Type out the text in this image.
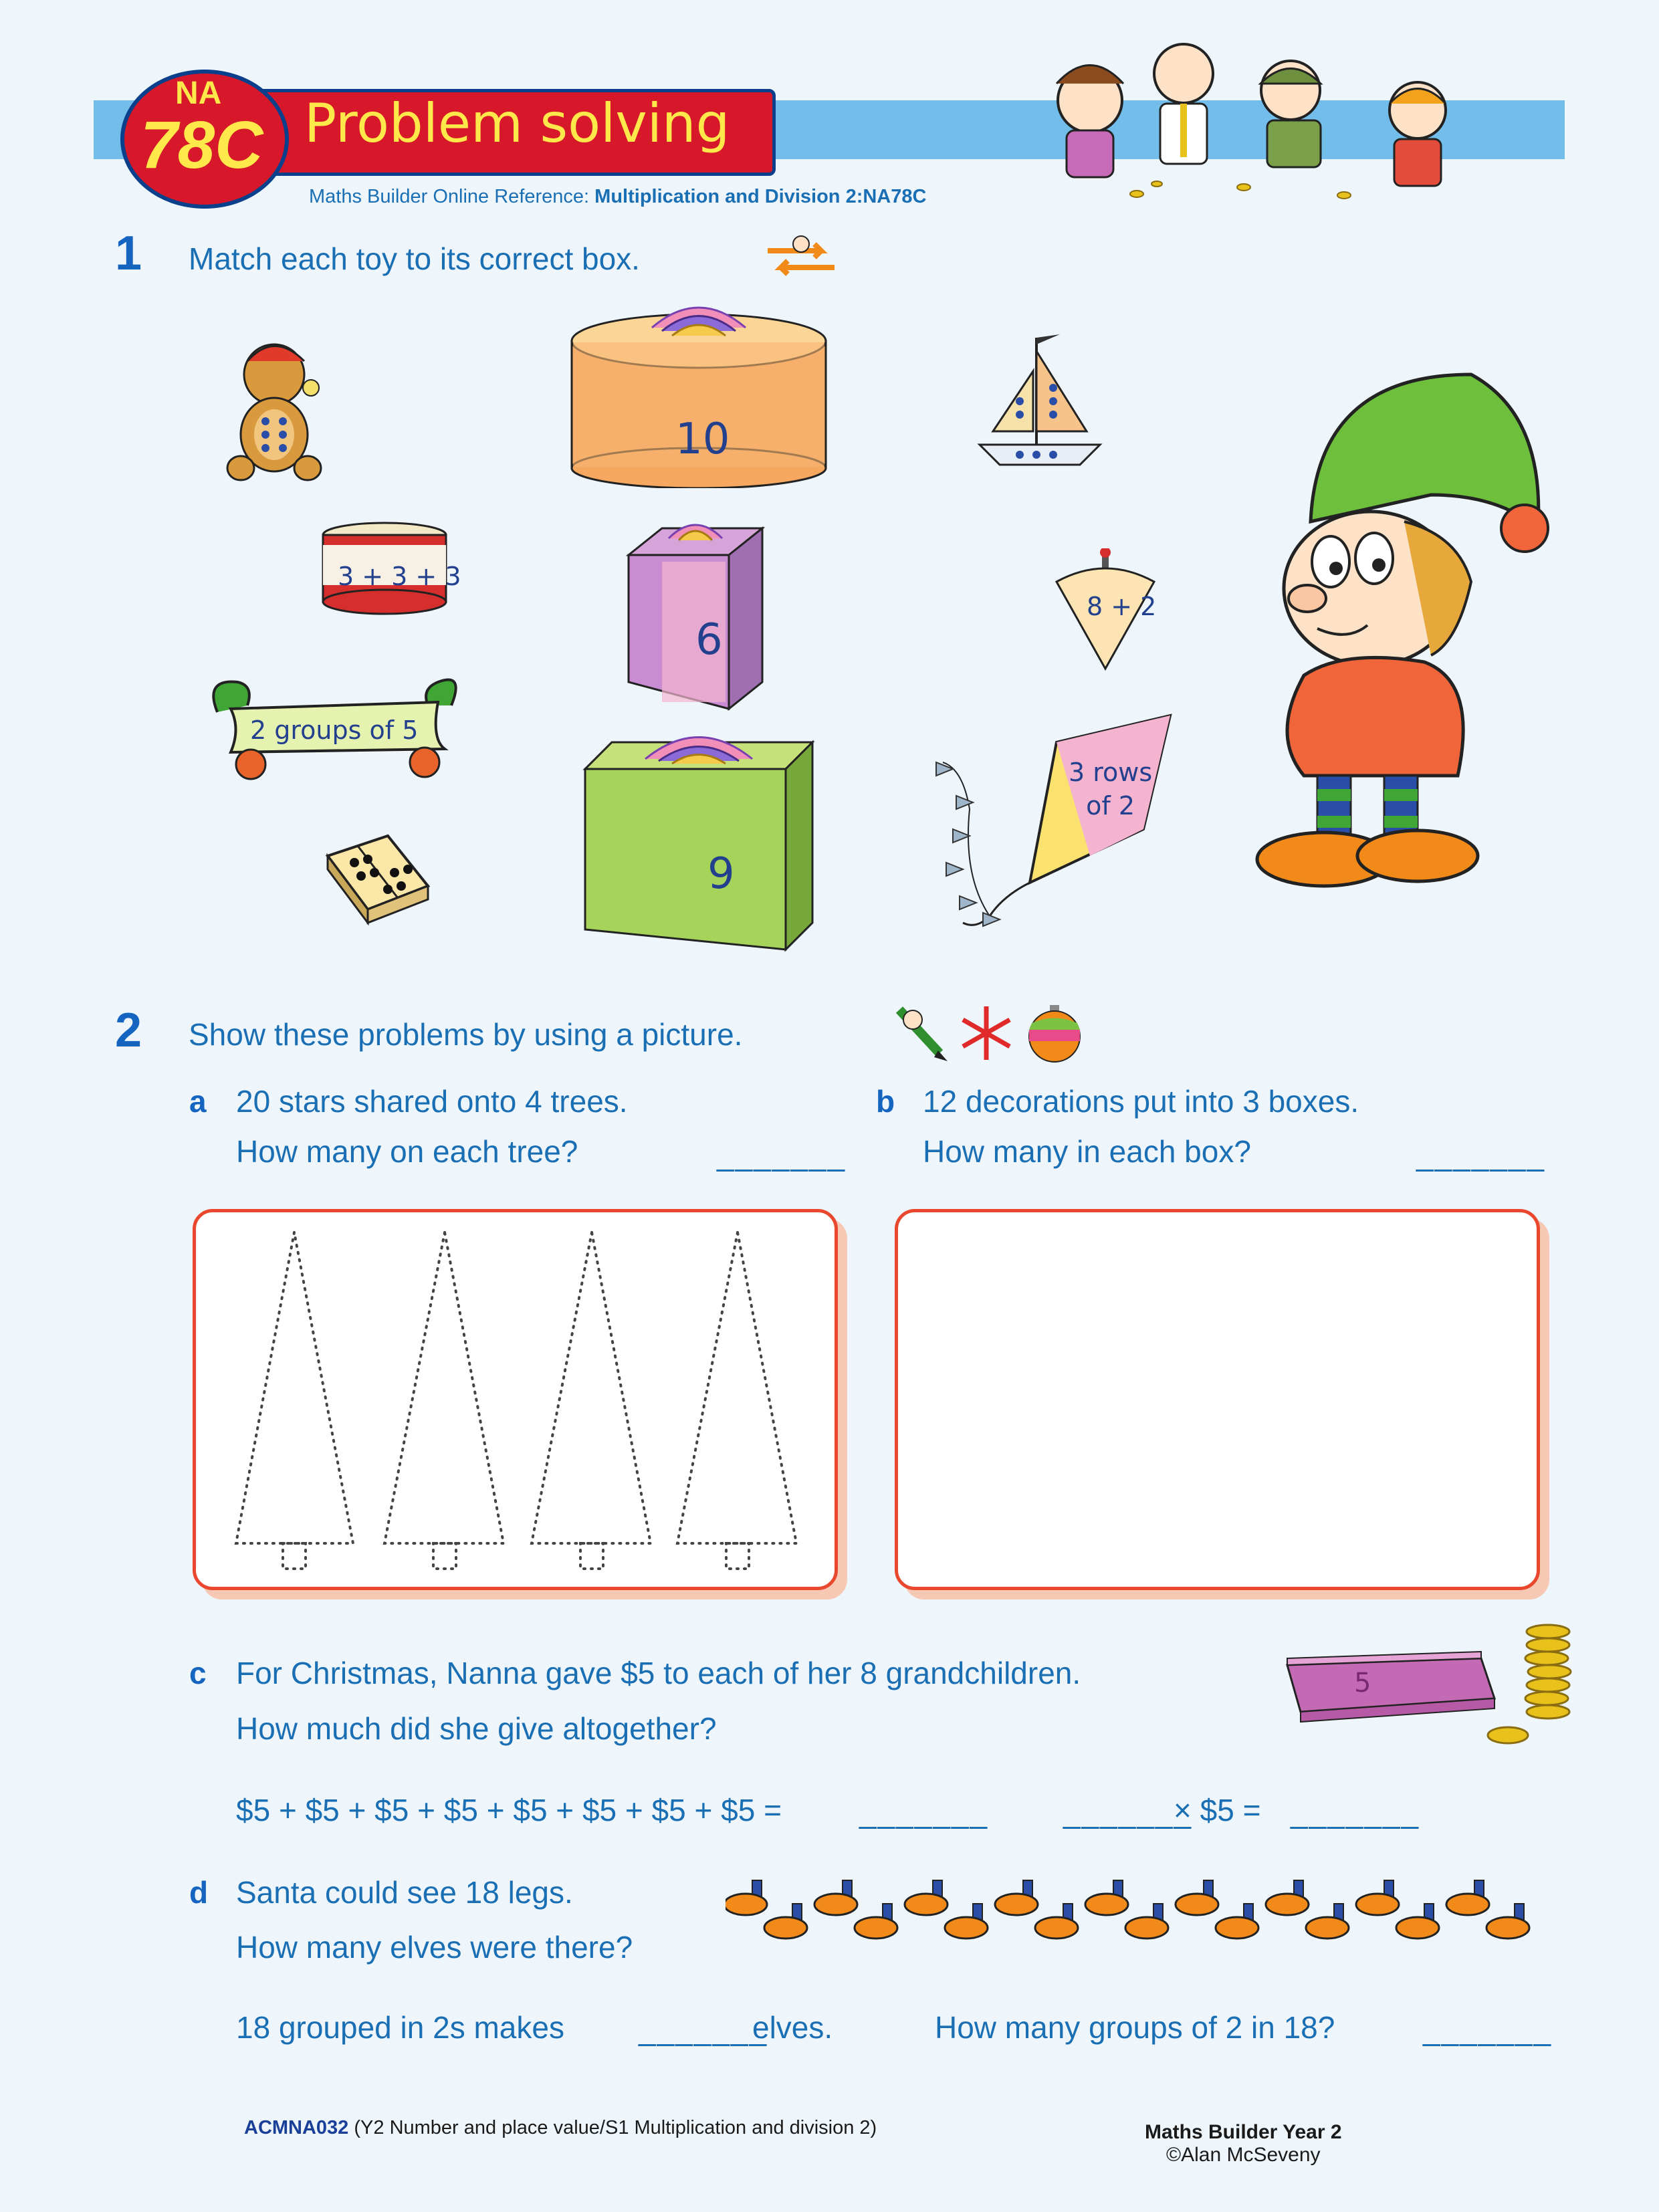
Problem solving
NA
78C
Maths Builder Online Reference: Multiplication and Division 2:NA78C
1 Match each toy to its correct box.
3 + 3 + 3
2 groups of 5
10
6
9
8 + 2
3 rows
of 2
2 Show these problems by using a picture.
a 20 stars shared onto 4 trees.
How many on each tree?	_______
b 12 decorations put into 3 boxes.
How many in each box?	_______
c For Christmas, Nanna gave $5 to each of her 8 grandchildren.
How much did she give altogether?
5
$5 + $5 + $5 + $5 + $5 + $5 + $5 + $5 =	_______ _______
× $5 = _______
d Santa could see 18 legs.
How many elves were there?
18 grouped in 2s makes _______
elves.	How many groups of 2 in 18?	_______
ACMNA032 (Y2 Number and place value/S1 Multiplication and division 2)	Maths Builder Year 2
©Alan McSeveny
